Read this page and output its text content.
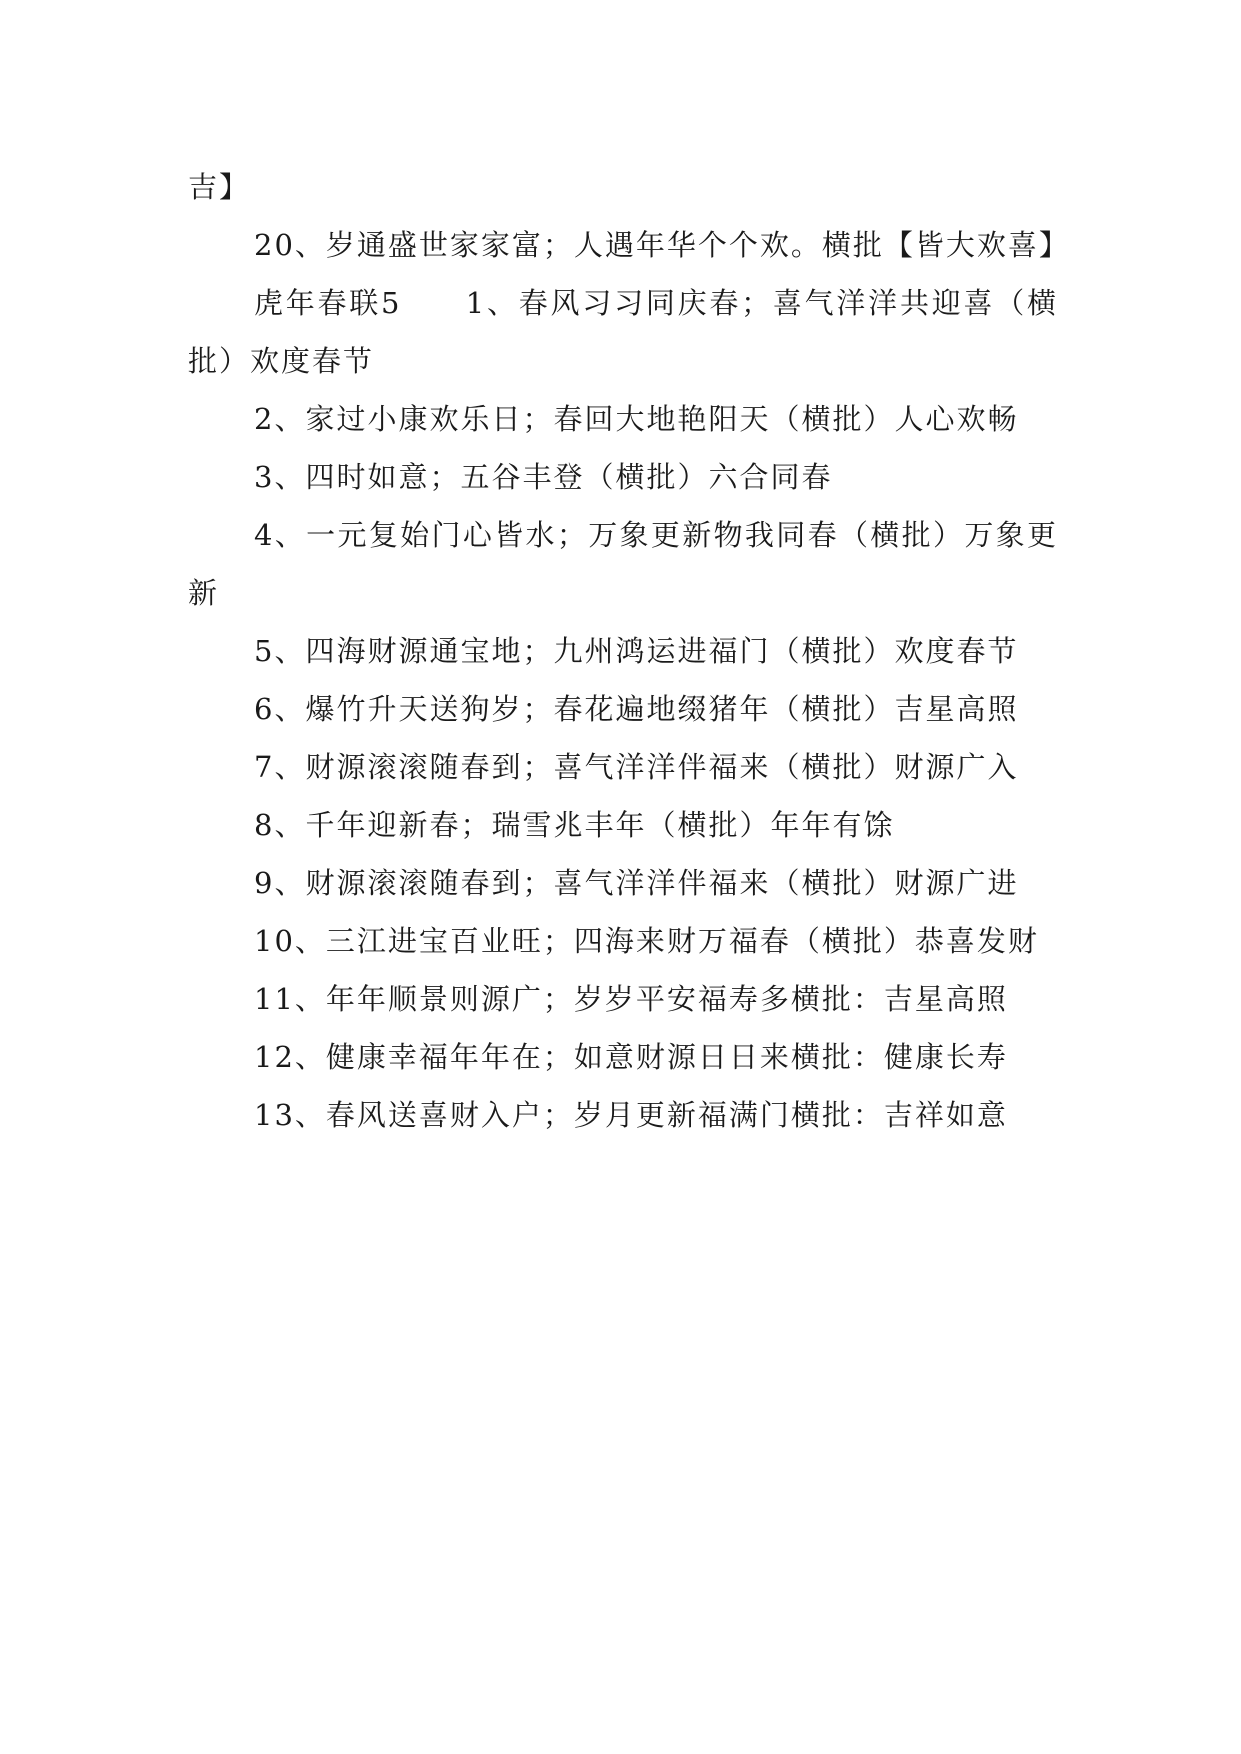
吉】

20、岁通盛世家家富；人遇年华个个欢。横批【皆大欢喜】

虎年春联5　　1、春风习习同庆春；喜气洋洋共迎喜（横批）欢度春节

2、家过小康欢乐日；春回大地艳阳天（横批）人心欢畅

3、四时如意；五谷丰登（横批）六合同春

4、一元复始门心皆水；万象更新物我同春（横批）万象更新

5、四海财源通宝地；九州鸿运进福门（横批）欢度春节

6、爆竹升天送狗岁；春花遍地缀猪年（横批）吉星高照

7、财源滚滚随春到；喜气洋洋伴福来（横批）财源广入

8、千年迎新春；瑞雪兆丰年（横批）年年有馀

9、财源滚滚随春到；喜气洋洋伴福来（横批）财源广进

10、三江进宝百业旺；四海来财万福春（横批）恭喜发财

11、年年顺景则源广；岁岁平安福寿多横批：吉星高照

12、健康幸福年年在；如意财源日日来横批：健康长寿

13、春风送喜财入户；岁月更新福满门横批：吉祥如意
